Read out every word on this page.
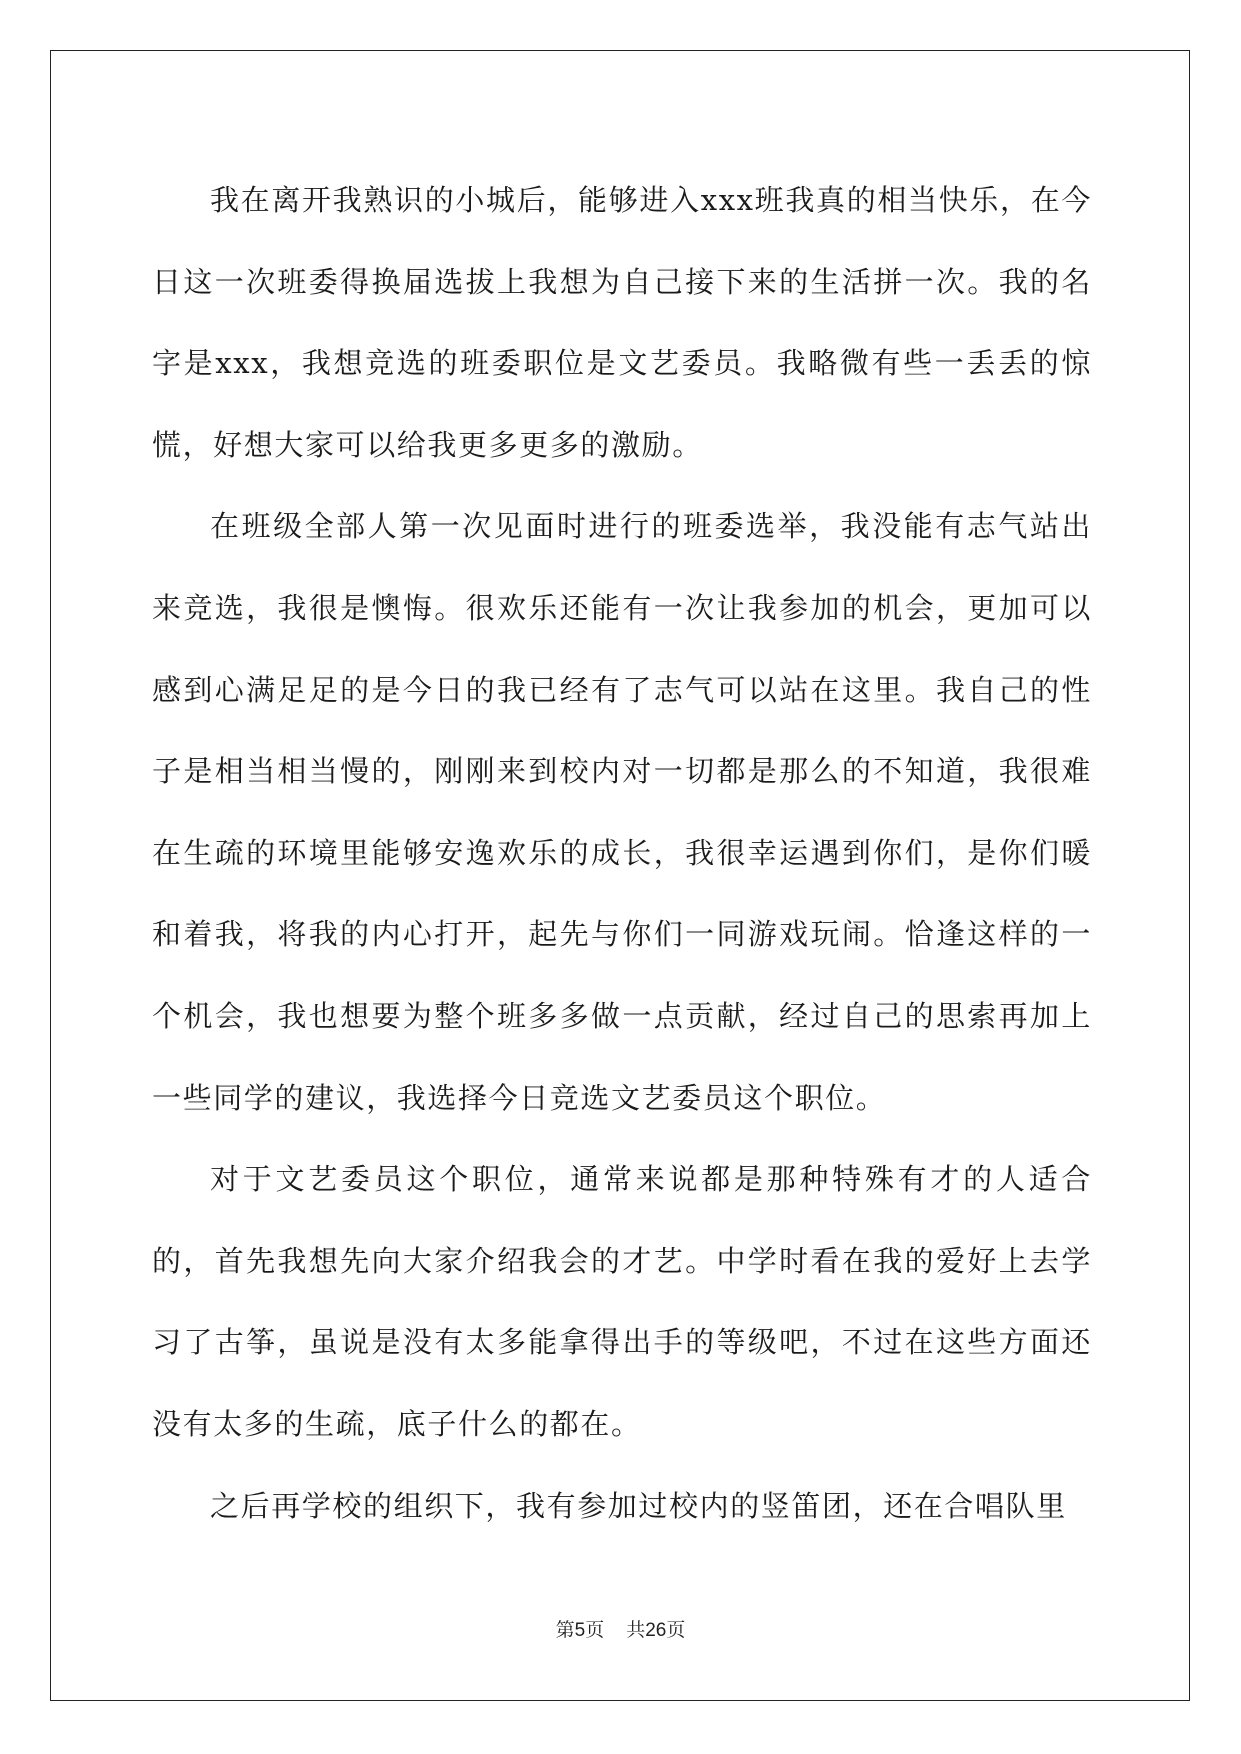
我在离开我熟识的小城后，能够进入xxx班我真的相当快乐，在今日这一次班委得换届选拔上我想为自己接下来的生活拼一次。我的名字是xxx，我想竞选的班委职位是文艺委员。我略微有些一丢丢的惊慌，好想大家可以给我更多更多的激励。

在班级全部人第一次见面时进行的班委选举，我没能有志气站出来竞选，我很是懊悔。很欢乐还能有一次让我参加的机会，更加可以感到心满足足的是今日的我已经有了志气可以站在这里。我自己的性子是相当相当慢的，刚刚来到校内对一切都是那么的不知道，我很难在生疏的环境里能够安逸欢乐的成长，我很幸运遇到你们，是你们暖和着我，将我的内心打开，起先与你们一同游戏玩闹。恰逢这样的一个机会，我也想要为整个班多多做一点贡献，经过自己的思索再加上一些同学的建议，我选择今日竞选文艺委员这个职位。

对于文艺委员这个职位，通常来说都是那种特殊有才的人适合的，首先我想先向大家介绍我会的才艺。中学时看在我的爱好上去学习了古筝，虽说是没有太多能拿得出手的等级吧，不过在这些方面还没有太多的生疏，底子什么的都在。

之后再学校的组织下，我有参加过校内的竖笛团，还在合唱队里

第5页 共26页
